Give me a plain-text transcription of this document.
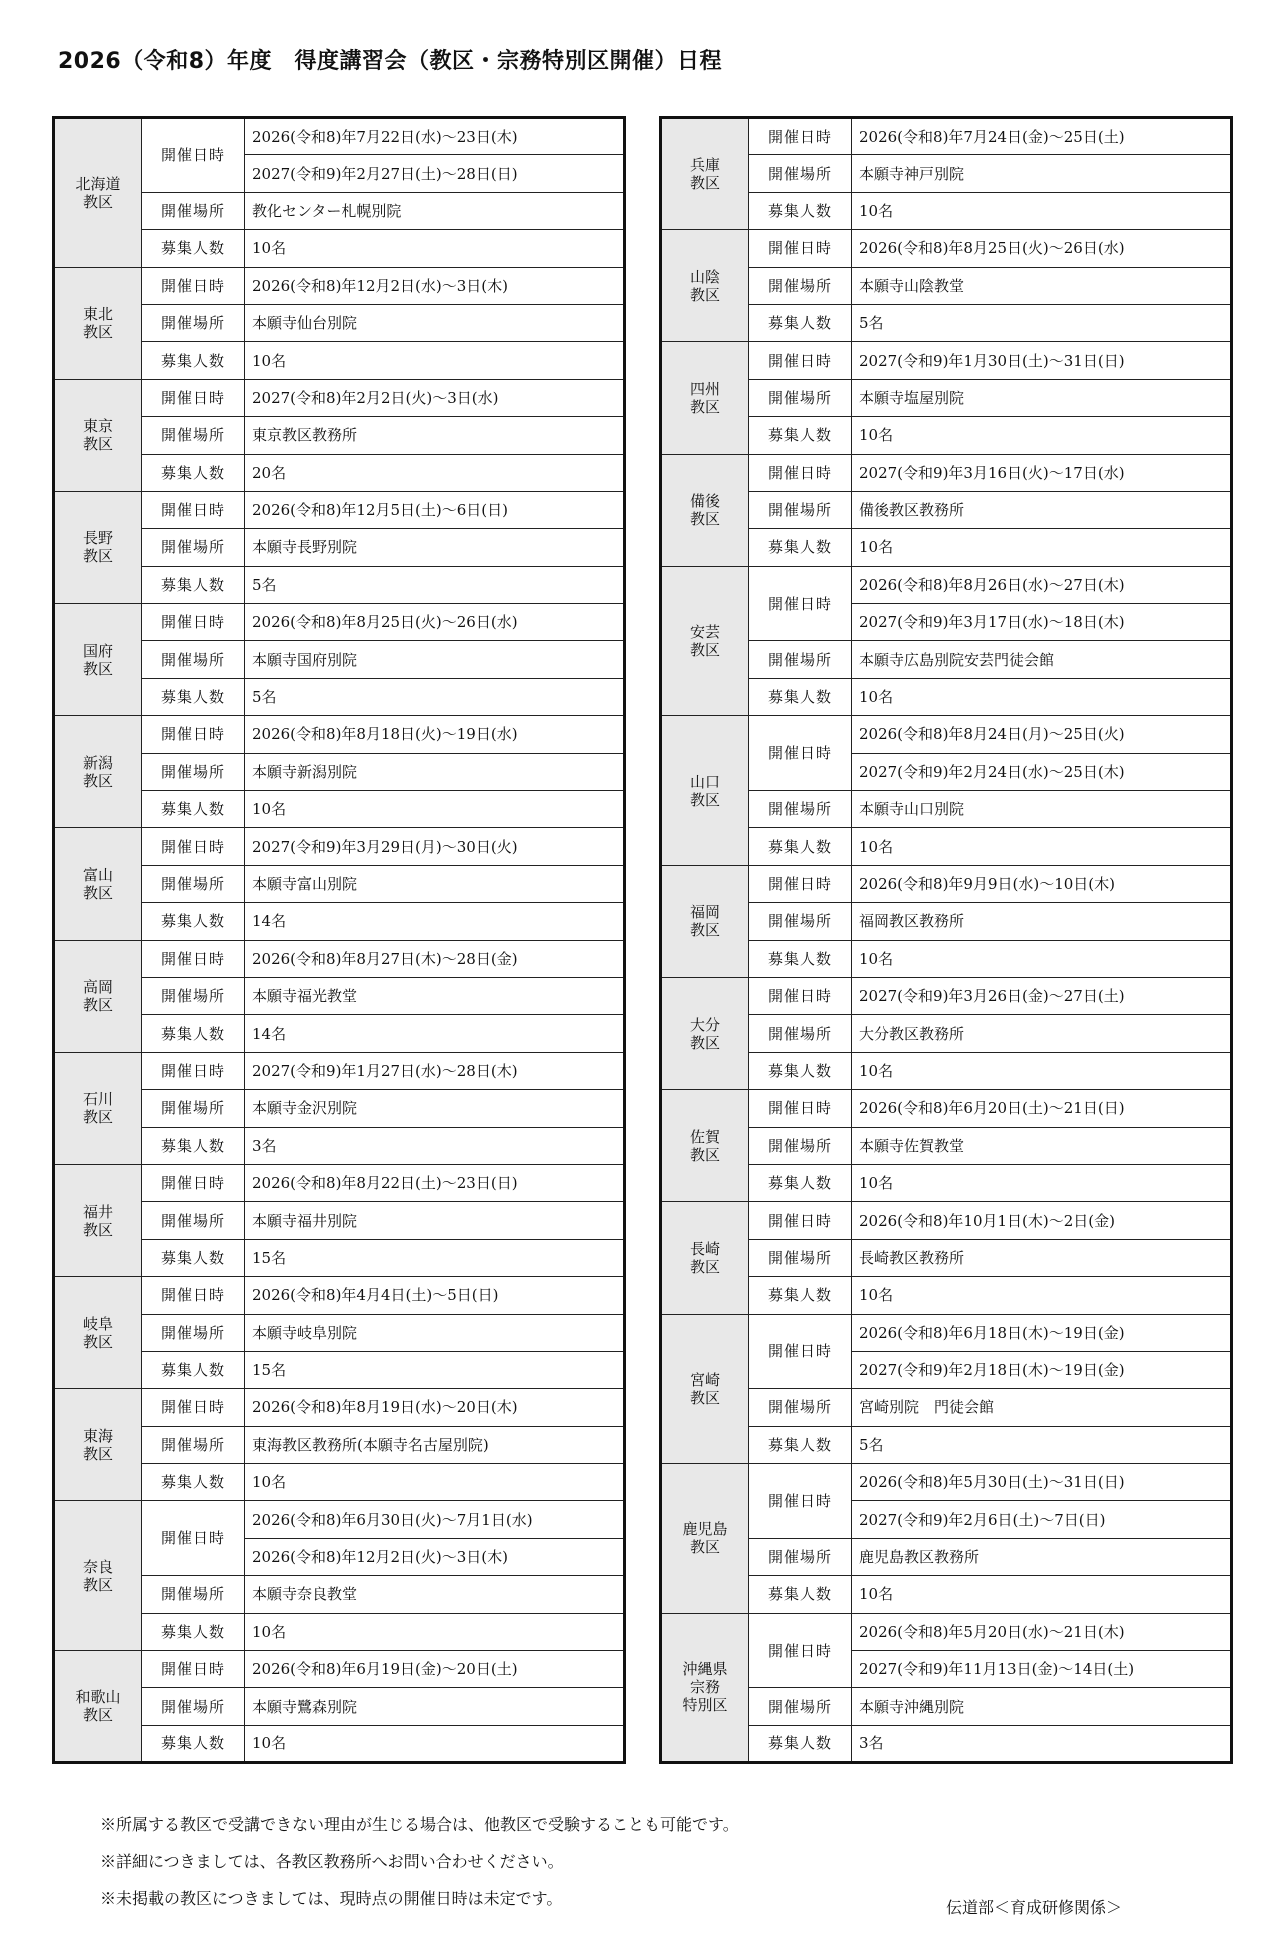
2026（令和8）年度　得度講習会（教区・宗務特別区開催）日程
北海道
教区	開催日時	2026(令和8)年7月22日(水)～23日(木)
		2027(令和9)年2月27日(土)～28日(日)
	開催場所	教化センター札幌別院
	募集人数	10名
東北
教区	開催日時	2026(令和8)年12月2日(水)～3日(木)
	開催場所	本願寺仙台別院
	募集人数	10名
東京
教区	開催日時	2027(令和8)年2月2日(火)～3日(水)
	開催場所	東京教区教務所
	募集人数	20名
長野
教区	開催日時	2026(令和8)年12月5日(土)～6日(日)
	開催場所	本願寺長野別院
	募集人数	5名
国府
教区	開催日時	2026(令和8)年8月25日(火)～26日(水)
	開催場所	本願寺国府別院
	募集人数	5名
新潟
教区	開催日時	2026(令和8)年8月18日(火)～19日(水)
	開催場所	本願寺新潟別院
	募集人数	10名
富山
教区	開催日時	2027(令和9)年3月29日(月)～30日(火)
	開催場所	本願寺富山別院
	募集人数	14名
高岡
教区	開催日時	2026(令和8)年8月27日(木)～28日(金)
	開催場所	本願寺福光教堂
	募集人数	14名
石川
教区	開催日時	2027(令和9)年1月27日(水)～28日(木)
	開催場所	本願寺金沢別院
	募集人数	3名
福井
教区	開催日時	2026(令和8)年8月22日(土)～23日(日)
	開催場所	本願寺福井別院
	募集人数	15名
岐阜
教区	開催日時	2026(令和8)年4月4日(土)～5日(日)
	開催場所	本願寺岐阜別院
	募集人数	15名
東海
教区	開催日時	2026(令和8)年8月19日(水)～20日(木)
	開催場所	東海教区教務所(本願寺名古屋別院)
	募集人数	10名
奈良
教区	開催日時	2026(令和8)年6月30日(火)～7月1日(水)
		2026(令和8)年12月2日(火)～3日(木)
	開催場所	本願寺奈良教堂
	募集人数	10名
和歌山
教区	開催日時	2026(令和8)年6月19日(金)～20日(土)
	開催場所	本願寺鷺森別院
	募集人数	10名
兵庫
教区	開催日時	2026(令和8)年7月24日(金)～25日(土)
	開催場所	本願寺神戸別院
	募集人数	10名
山陰
教区	開催日時	2026(令和8)年8月25日(火)～26日(水)
	開催場所	本願寺山陰教堂
	募集人数	5名
四州
教区	開催日時	2027(令和9)年1月30日(土)～31日(日)
	開催場所	本願寺塩屋別院
	募集人数	10名
備後
教区	開催日時	2027(令和9)年3月16日(火)～17日(水)
	開催場所	備後教区教務所
	募集人数	10名
安芸
教区	開催日時	2026(令和8)年8月26日(水)～27日(木)
		2027(令和9)年3月17日(水)～18日(木)
	開催場所	本願寺広島別院安芸門徒会館
	募集人数	10名
山口
教区	開催日時	2026(令和8)年8月24日(月)～25日(火)
		2027(令和9)年2月24日(水)～25日(木)
	開催場所	本願寺山口別院
	募集人数	10名
福岡
教区	開催日時	2026(令和8)年9月9日(水)～10日(木)
	開催場所	福岡教区教務所
	募集人数	10名
大分
教区	開催日時	2027(令和9)年3月26日(金)～27日(土)
	開催場所	大分教区教務所
	募集人数	10名
佐賀
教区	開催日時	2026(令和8)年6月20日(土)～21日(日)
	開催場所	本願寺佐賀教堂
	募集人数	10名
長崎
教区	開催日時	2026(令和8)年10月1日(木)～2日(金)
	開催場所	長崎教区教務所
	募集人数	10名
宮崎
教区	開催日時	2026(令和8)年6月18日(木)～19日(金)
		2027(令和9)年2月18日(木)～19日(金)
	開催場所	宮崎別院　門徒会館
	募集人数	5名
鹿児島
教区	開催日時	2026(令和8)年5月30日(土)～31日(日)
		2027(令和9)年2月6日(土)～7日(日)
	開催場所	鹿児島教区教務所
	募集人数	10名
沖縄県
宗務
特別区	開催日時	2026(令和8)年5月20日(水)～21日(木)
		2027(令和9)年11月13日(金)～14日(土)
	開催場所	本願寺沖縄別院
	募集人数	3名
※所属する教区で受講できない理由が生じる場合は、他教区で受験することも可能です。
※詳細につきましては、各教区教務所へお問い合わせください。
※未掲載の教区につきましては、現時点の開催日時は未定です。	伝道部＜育成研修関係＞
